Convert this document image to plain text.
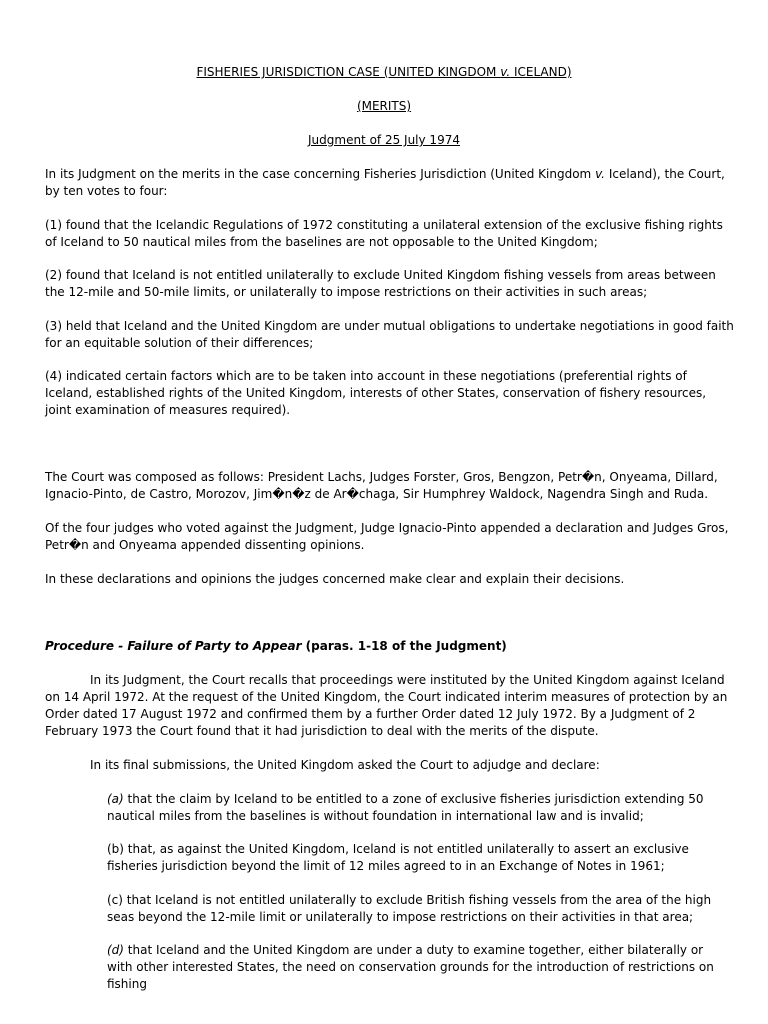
FISHERIES JURISDICTION CASE (UNITED KINGDOM v. ICELAND)
(MERITS)
Judgment of 25 July 1974

In its Judgment on the merits in the case concerning Fisheries Jurisdiction (United Kingdom v. Iceland), the Court, by ten votes to four:

(1) found that the Icelandic Regulations of 1972 constituting a unilateral extension of the exclusive fishing rights of Iceland to 50 nautical miles from the baselines are not opposable to the United Kingdom;

(2) found that Iceland is not entitled unilaterally to exclude United Kingdom fishing vessels from areas between the 12-mile and 50-mile limits, or unilaterally to impose restrictions on their activities in such areas;

(3) held that Iceland and the United Kingdom are under mutual obligations to undertake negotiations in good faith for an equitable solution of their differences;

(4) indicated certain factors which are to be taken into account in these negotiations (preferential rights of Iceland, established rights of the United Kingdom, interests of other States, conservation of fishery resources, joint examination of measures required).

The Court was composed as follows: President Lachs, Judges Forster, Gros, Bengzon, Petr�n, Onyeama, Dillard, Ignacio-Pinto, de Castro, Morozov, Jim�n�z de Ar�chaga, Sir Humphrey Waldock, Nagendra Singh and Ruda.

Of the four judges who voted against the Judgment, Judge Ignacio-Pinto appended a declaration and Judges Gros, Petr�n and Onyeama appended dissenting opinions.

In these declarations and opinions the judges concerned make clear and explain their decisions.

Procedure - Failure of Party to Appear (paras. 1-18 of the Judgment)

In its Judgment, the Court recalls that proceedings were instituted by the United Kingdom against Iceland on 14 April 1972. At the request of the United Kingdom, the Court indicated interim measures of protection by an Order dated 17 August 1972 and confirmed them by a further Order dated 12 July 1972. By a Judgment of 2 February 1973 the Court found that it had jurisdiction to deal with the merits of the dispute.

In its final submissions, the United Kingdom asked the Court to adjudge and declare:

(a) that the claim by Iceland to be entitled to a zone of exclusive fisheries jurisdiction extending 50 nautical miles from the baselines is without foundation in international law and is invalid;

(b) that, as against the United Kingdom, Iceland is not entitled unilaterally to assert an exclusive fisheries jurisdiction beyond the limit of 12 miles agreed to in an Exchange of Notes in 1961;

(c) that Iceland is not entitled unilaterally to exclude British fishing vessels from the area of the high seas beyond the 12-mile limit or unilaterally to impose restrictions on their activities in that area;

(d) that Iceland and the United Kingdom are under a duty to examine together, either bilaterally or with other interested States, the need on conservation grounds for the introduction of restrictions on fishing
